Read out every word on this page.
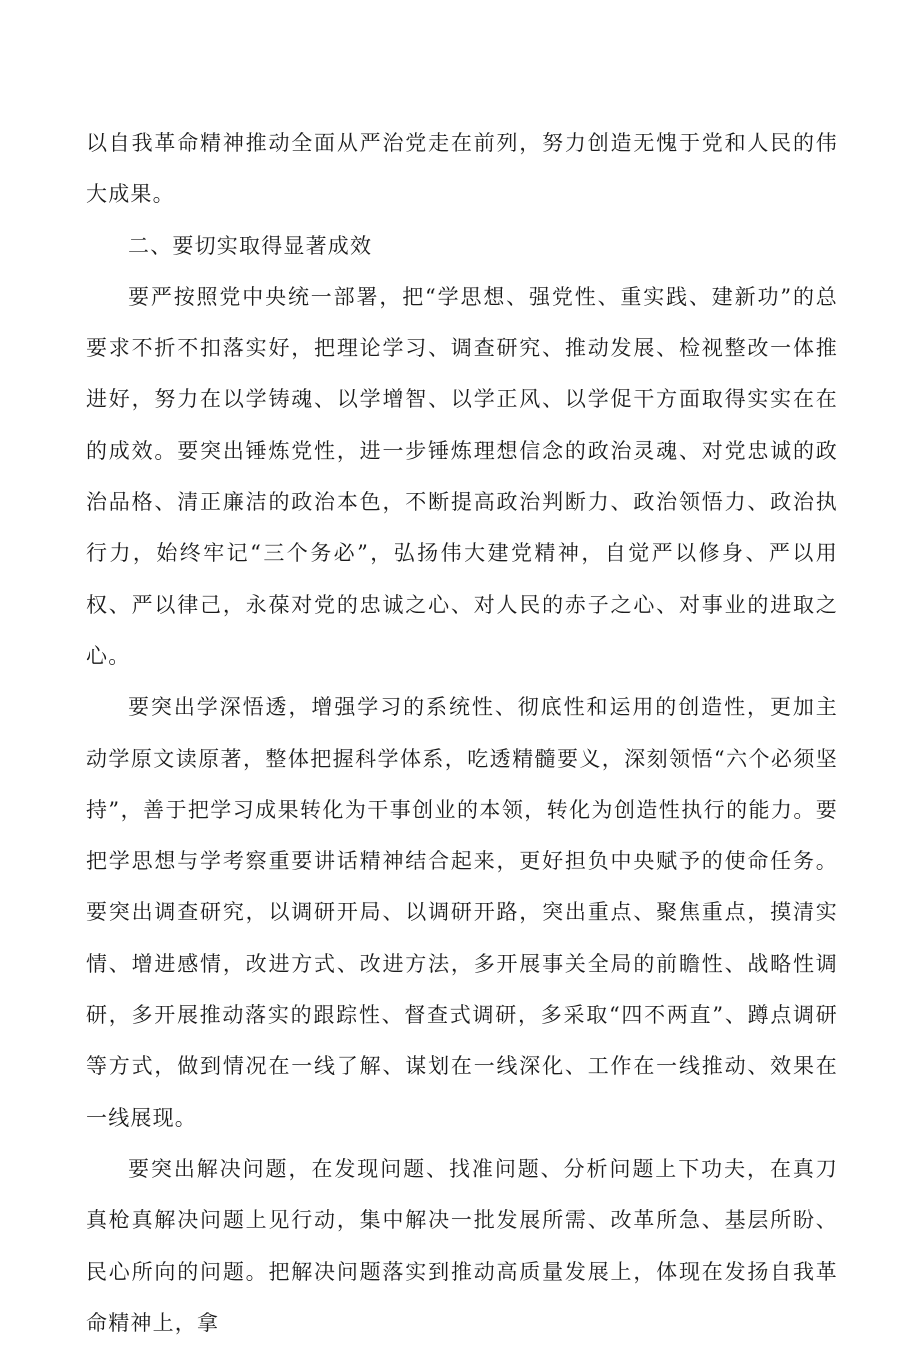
以自我革命精神推动全面从严治党走在前列，努力创造无愧于党和人民的伟大成果。

二、要切实取得显著成效

要严按照党中央统一部署，把“学思想、强党性、重实践、建新功”的总要求不折不扣落实好，把理论学习、调查研究、推动发展、检视整改一体推进好，努力在以学铸魂、以学增智、以学正风、以学促干方面取得实实在在的成效。要突出锤炼党性，进一步锤炼理想信念的政治灵魂、对党忠诚的政治品格、清正廉洁的政治本色，不断提高政治判断力、政治领悟力、政治执行力，始终牢记“三个务必”，弘扬伟大建党精神，自觉严以修身、严以用权、严以律己，永葆对党的忠诚之心、对人民的赤子之心、对事业的进取之心。

要突出学深悟透，增强学习的系统性、彻底性和运用的创造性，更加主动学原文读原著，整体把握科学体系，吃透精髓要义，深刻领悟“六个必须坚持”，善于把学习成果转化为干事创业的本领，转化为创造性执行的能力。要把学思想与学考察重要讲话精神结合起来，更好担负中央赋予的使命任务。要突出调查研究，以调研开局、以调研开路，突出重点、聚焦重点，摸清实情、增进感情，改进方式、改进方法，多开展事关全局的前瞻性、战略性调研，多开展推动落实的跟踪性、督查式调研，多采取“四不两直”、蹲点调研等方式，做到情况在一线了解、谋划在一线深化、工作在一线推动、效果在一线展现。

要突出解决问题，在发现问题、找准问题、分析问题上下功夫，在真刀真枪真解决问题上见行动，集中解决一批发展所需、改革所急、基层所盼、民心所向的问题。把解决问题落实到推动高质量发展上，体现在发扬自我革命精神上，拿
